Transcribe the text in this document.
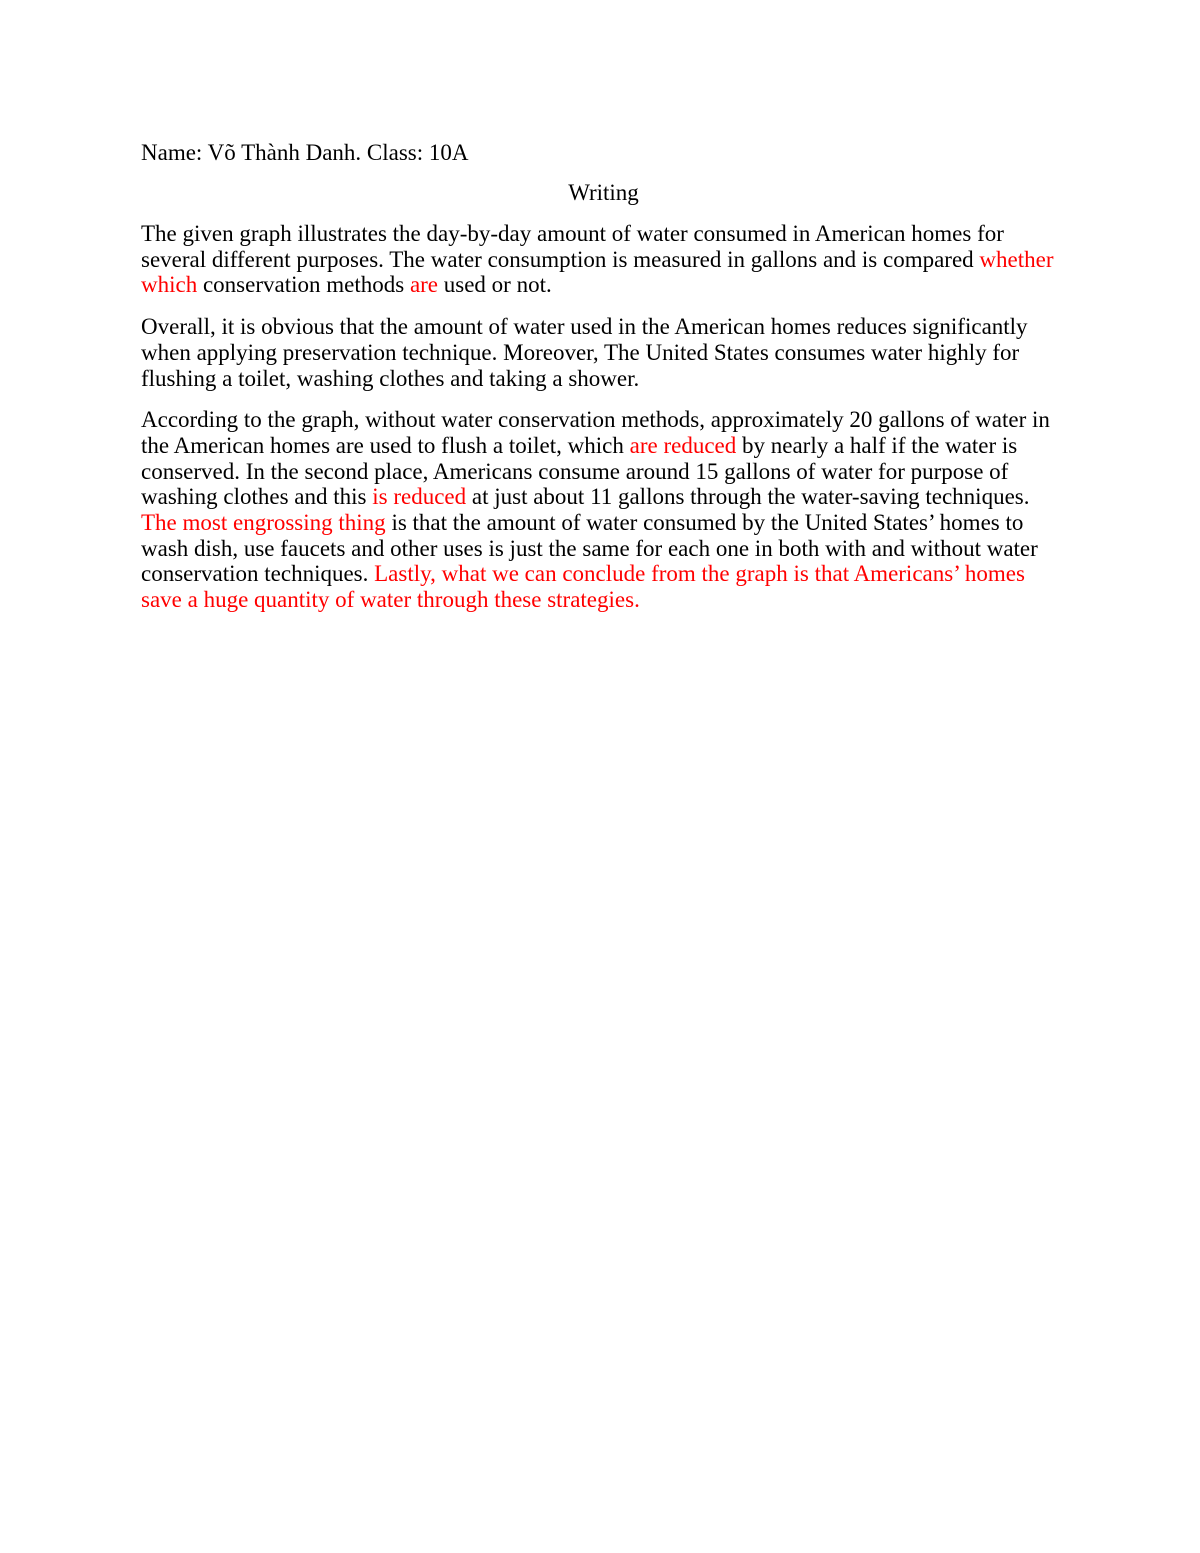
Name: Võ Thành Danh. Class: 10A

Writing

The given graph illustrates the day-by-day amount of water consumed in American homes for several different purposes. The water consumption is measured in gallons and is compared whether which conservation methods are used or not.

Overall, it is obvious that the amount of water used in the American homes reduces significantly when applying preservation technique. Moreover, The United States consumes water highly for flushing a toilet, washing clothes and taking a shower.

According to the graph, without water conservation methods, approximately 20 gallons of water in the American homes are used to flush a toilet, which are reduced by nearly a half if the water is conserved. In the second place, Americans consume around 15 gallons of water for purpose of washing clothes and this is reduced at just about 11 gallons through the water-saving techniques. The most engrossing thing is that the amount of water consumed by the United States’ homes to wash dish, use faucets and other uses is just the same for each one in both with and without water conservation techniques. Lastly, what we can conclude from the graph is that Americans’ homes save a huge quantity of water through these strategies.
